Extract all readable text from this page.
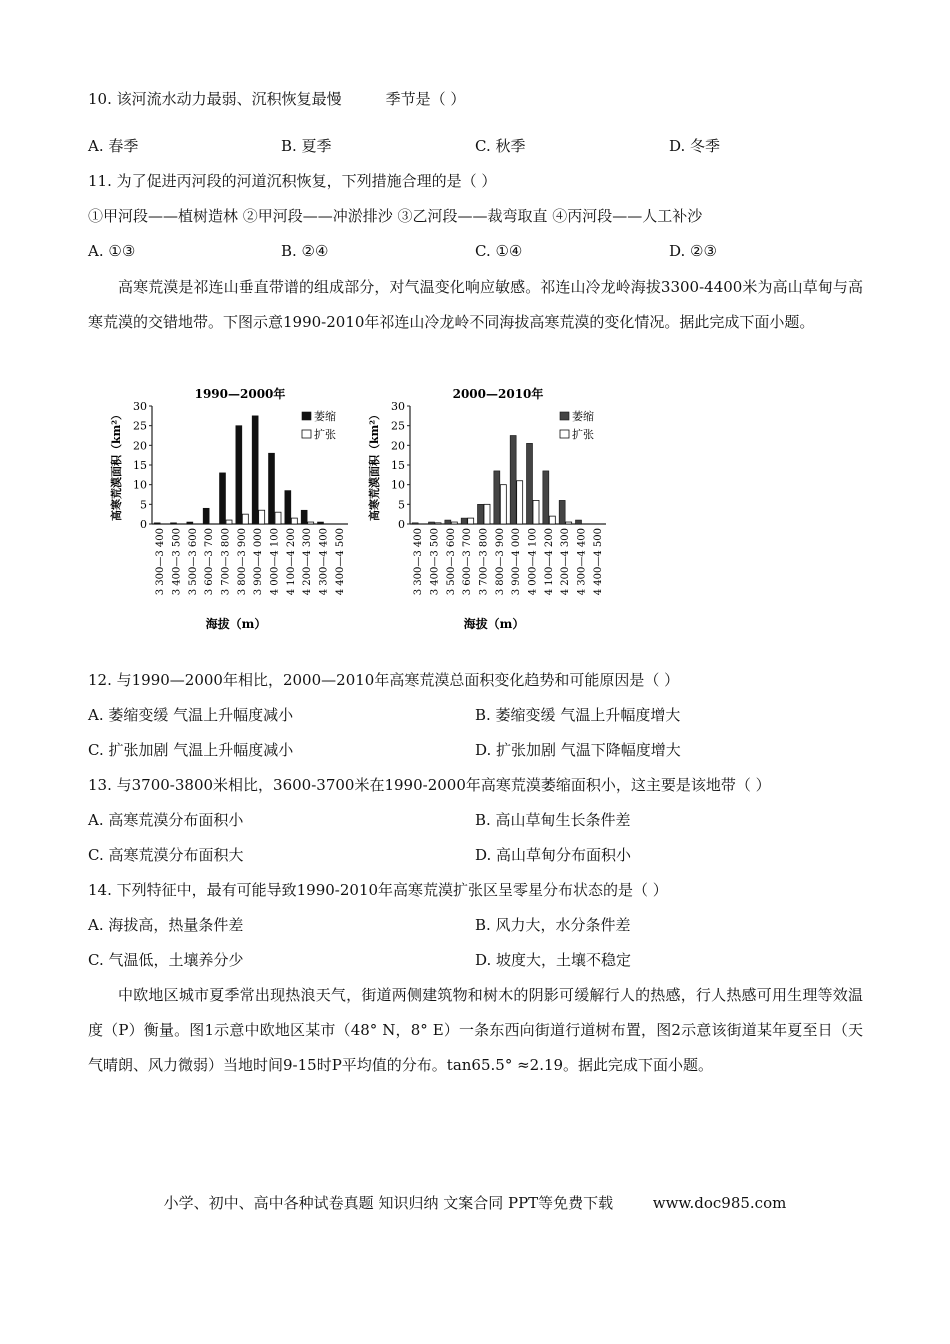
10. 该河流水动力最弱、沉积恢复最慢	季节是（ ）
A. 春季	B. 夏季	C. 秋季	D. 冬季
11. 为了促进丙河段的河道沉积恢复，下列措施合理的是（ ）
①甲河段——植树造林 ②甲河段——冲淤排沙 ③乙河段——裁弯取直 ④丙河段——人工补沙
A. ①③	B. ②④	C. ①④	D. ②③
高寒荒漠是祁连山垂直带谱的组成部分，对气温变化响应敏感。祁连山冷龙岭海拔3300-4400米为高山草甸与高寒荒漠的交错地带。下图示意1990-2010年祁连山冷龙岭不同海拔高寒荒漠的变化情况。据此完成下面小题。
1990—2000年
0
5
10
15
20
25
30
高寒荒漠面积（km²）
3 300—3 400 3 400—3 500 3 500—3 600 3 600—3 700 3 700—3 800 3 800—3 900 3 900—4 000 4 000—4 100 4 100—4 200 4 200—4 300 4 300—4 400 4 400—4 500
海拔（m）
萎缩
扩张
2000—2010年
0
5
10
15
20
25
30
高寒荒漠面积（km²）
3 300—3 400 3 400—3 500 3 500—3 600 3 600—3 700 3 700—3 800 3 800—3 900 3 900—4 000 4 000—4 100 4 100—4 200 4 200—4 300 4 300—4 400 4 400—4 500
海拔（m）
萎缩
扩张
12. 与1990—2000年相比，2000—2010年高寒荒漠总面积变化趋势和可能原因是（ ）
A. 萎缩变缓 气温上升幅度减小	B. 萎缩变缓 气温上升幅度增大
C. 扩张加剧 气温上升幅度减小	D. 扩张加剧 气温下降幅度增大
13. 与3700-3800米相比，3600-3700米在1990-2000年高寒荒漠萎缩面积小，这主要是该地带（ ）
A. 高寒荒漠分布面积小	B. 高山草甸生长条件差
C. 高寒荒漠分布面积大	D. 高山草甸分布面积小
14. 下列特征中，最有可能导致1990-2010年高寒荒漠扩张区呈零星分布状态的是（ ）
A. 海拔高，热量条件差	B. 风力大，水分条件差
C. 气温低，土壤养分少	D. 坡度大，土壤不稳定
中欧地区城市夏季常出现热浪天气，街道两侧建筑物和树木的阴影可缓解行人的热感，行人热感可用生理等效温度（P）衡量。图1示意中欧地区某市（48° N，8° E）一条东西向街道行道树布置，图2示意该街道某年夏至日（天气晴朗、风力微弱）当地时间9-15时P平均值的分布。tan65.5° ≈2.19。据此完成下面小题。
小学、初中、高中各种试卷真题 知识归纳 文案合同 PPT等免费下载	www.doc985.com
